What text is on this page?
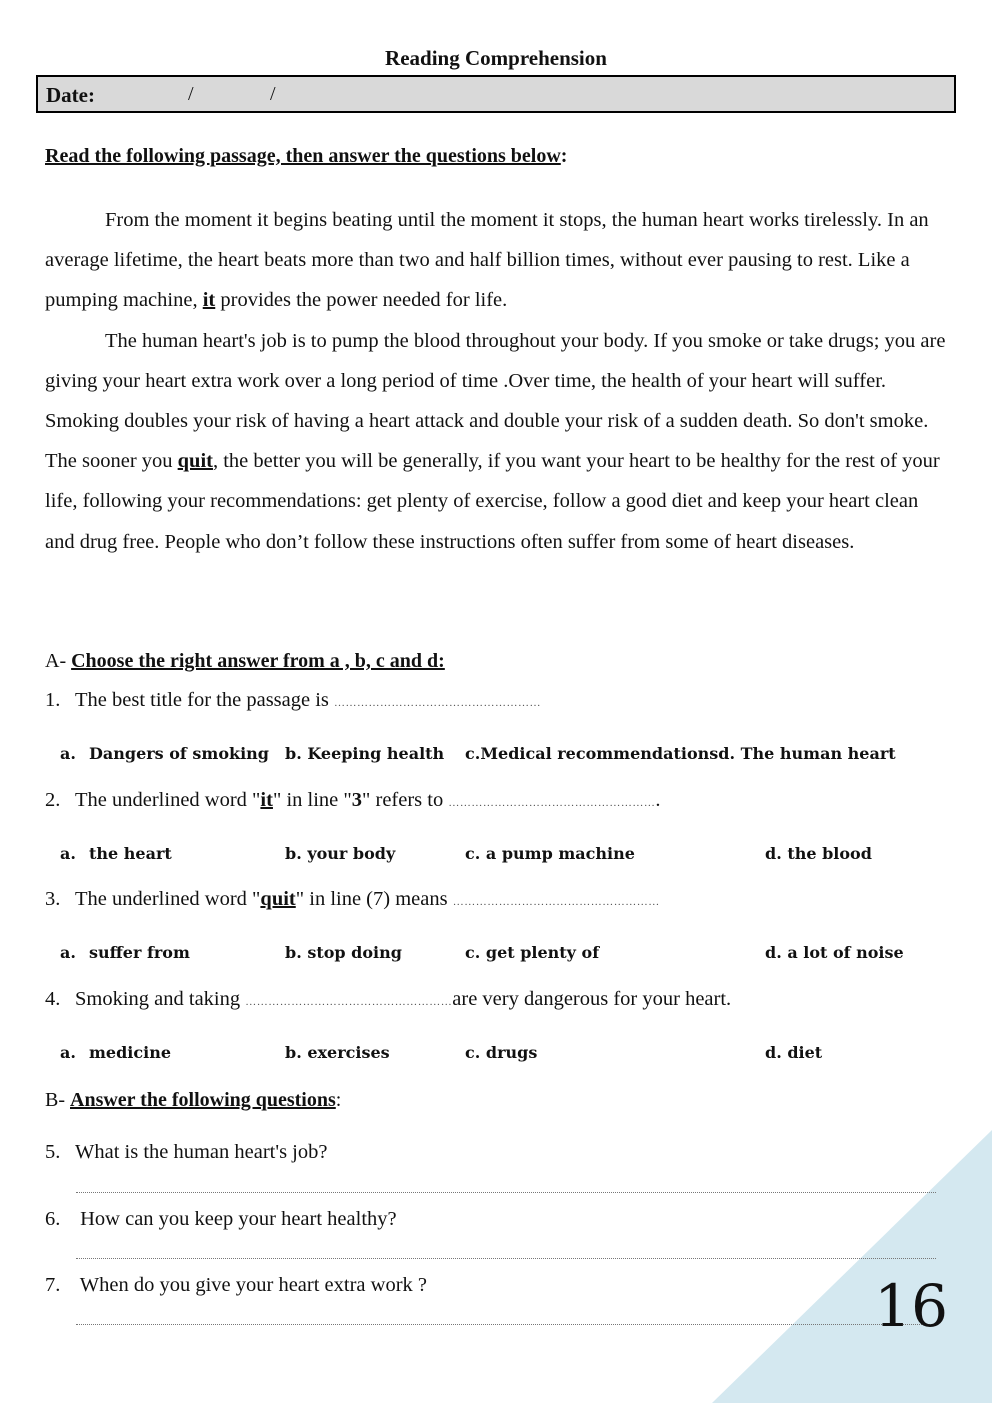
Reading Comprehension
Date:	/	/
Read the following passage, then answer the questions below:

From the moment it begins beating until the moment it stops, the human heart works tirelessly. In an average lifetime, the heart beats more than two and half billion times, without ever pausing to rest. Like a pumping machine, it provides the power needed for life.

The human heart's job is to pump the blood throughout your body. If you smoke or take drugs; you are giving your heart extra work over a long period of time .Over time, the health of your heart will suffer. Smoking doubles your risk of having a heart attack and double your risk of a sudden death. So don't smoke. The sooner you quit, the better you will be generally, if you want your heart to be healthy for the rest of your life, following your recommendations: get plenty of exercise, follow a good diet and keep your heart clean and drug free. People who don’t follow these instructions often suffer from some of heart diseases.

A- Choose the right answer from a , b, c and d:
1. The best title for the passage is ………………………………………………
a. Dangers of smoking b. Keeping health c.Medical recommendationsd. The human heart
2. The underlined word "it" in line "3" refers to ……………………………………………….
a. the heart	b. your body	c. a pump machine	d. the blood
3. The underlined word "quit" in line (7) means ………………………………………………
a. suffer from	b. stop doing	c. get plenty of	d. a lot of noise
4. Smoking and taking ………………………………………………are very dangerous for your heart.
a. medicine	b. exercises	c. drugs	d. diet
B- Answer the following questions:
5. What is the human heart's job?
6. How can you keep your heart healthy?
7. When do you give your heart extra work ?	16
